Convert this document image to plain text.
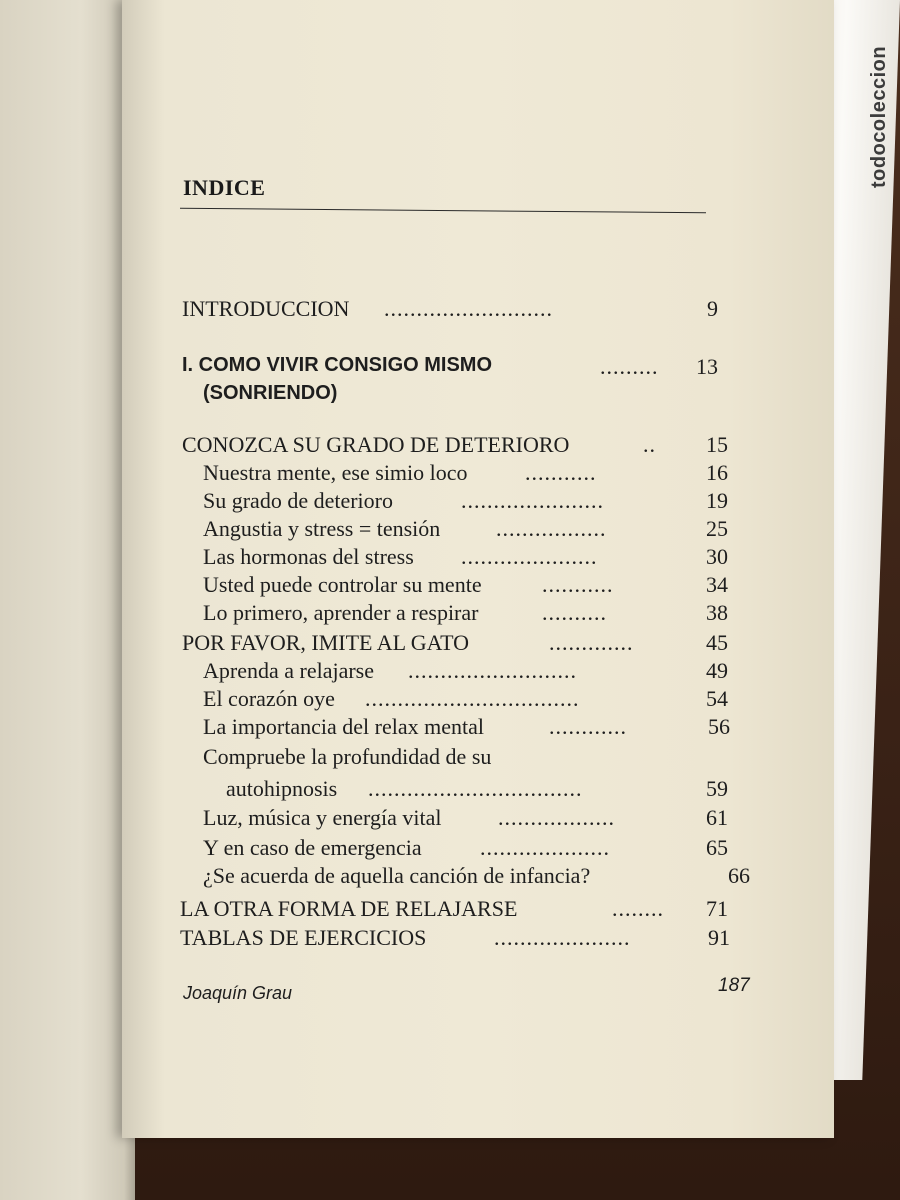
todocoleccion
INDICE
INTRODUCCION ..........................	9
I. COMO VIVIR CONSIGO MISMO	.........	13
(SONRIENDO)
CONOZCA SU GRADO DE DETERIORO	..	15
Nuestra mente, ese simio loco	...........	16
Su grado de deterioro	......................	19
Angustia y stress = tensión	.................	25
Las hormonas del stress .....................	30
Usted puede controlar su mente	...........	34
Lo primero, aprender a respirar	..........	38
POR FAVOR, IMITE AL GATO	.............	45
Aprenda a relajarse ..........................	49
El corazón oye .................................	54
La importancia del relax mental	............	56
Compruebe la profundidad de su
autohipnosis .................................	59
Luz, música y energía vital	..................	61
Y en caso de emergencia	....................	65
¿Se acuerda de aquella canción de infancia?	66
LA OTRA FORMA DE RELAJARSE	........	71
TABLAS DE EJERCICIOS	.....................	91
Joaquín Grau	187
